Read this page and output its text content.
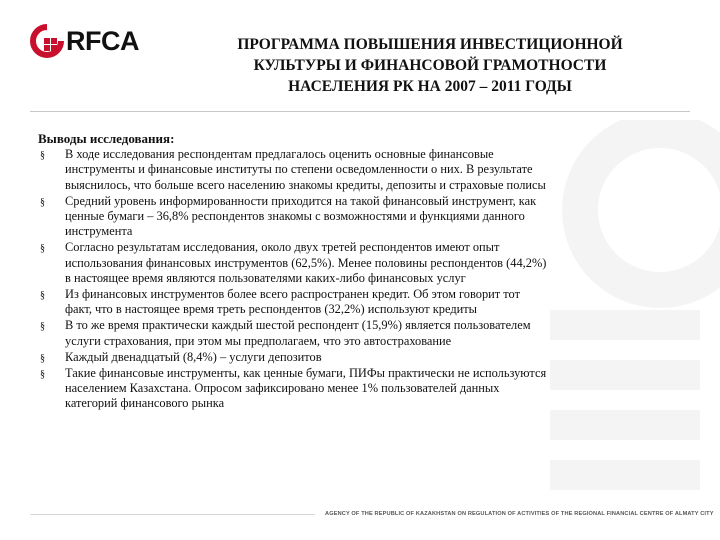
RFCA	ПРОГРАММА ПОВЫШЕНИЯ ИНВЕСТИЦИОННОЙ
КУЛЬТУРЫ И ФИНАНСОВОЙ ГРАМОТНОСТИ
НАСЕЛЕНИЯ РК НА 2007 – 2011 ГОДЫ

Выводы исследования:

§ В ходе исследования респондентам предлагалось оценить основные финансовые
инструменты и финансовые институты по степени осведомленности о них. В результате
выяснилось, что больше всего населению знакомы кредиты, депозиты и страховые полисы
§ Средний уровень информированности приходится на такой финансовый инструмент, как
ценные бумаги – 36,8% респондентов знакомы с возможностями и функциями данного
инструмента
§ Согласно результатам исследования, около двух третей респондентов имеют опыт
использования финансовых инструментов (62,5%). Менее половины респондентов (44,2%)
в настоящее время являются пользователями каких-либо финансовых услуг
§ Из финансовых инструментов более всего распространен кредит. Об этом говорит тот
факт, что в настоящее время треть респондентов (32,2%) используют кредиты
§ В то же время практически каждый шестой респондент (15,9%) является пользователем
услуги страхования, при этом мы предполагаем, что это автострахование
§ Каждый двенадцатый (8,4%) – услуги депозитов
§ Такие финансовые инструменты, как ценные бумаги, ПИФы практически не используются
населением Казахстана. Опросом зафиксировано менее 1% пользователей данных
категорий финансового рынка
AGENCY OF THE REPUBLIC OF KAZAKHSTAN ON REGULATION OF ACTIVITIES OF THE REGIONAL FINANCIAL CENTRE OF ALMATY CITY
